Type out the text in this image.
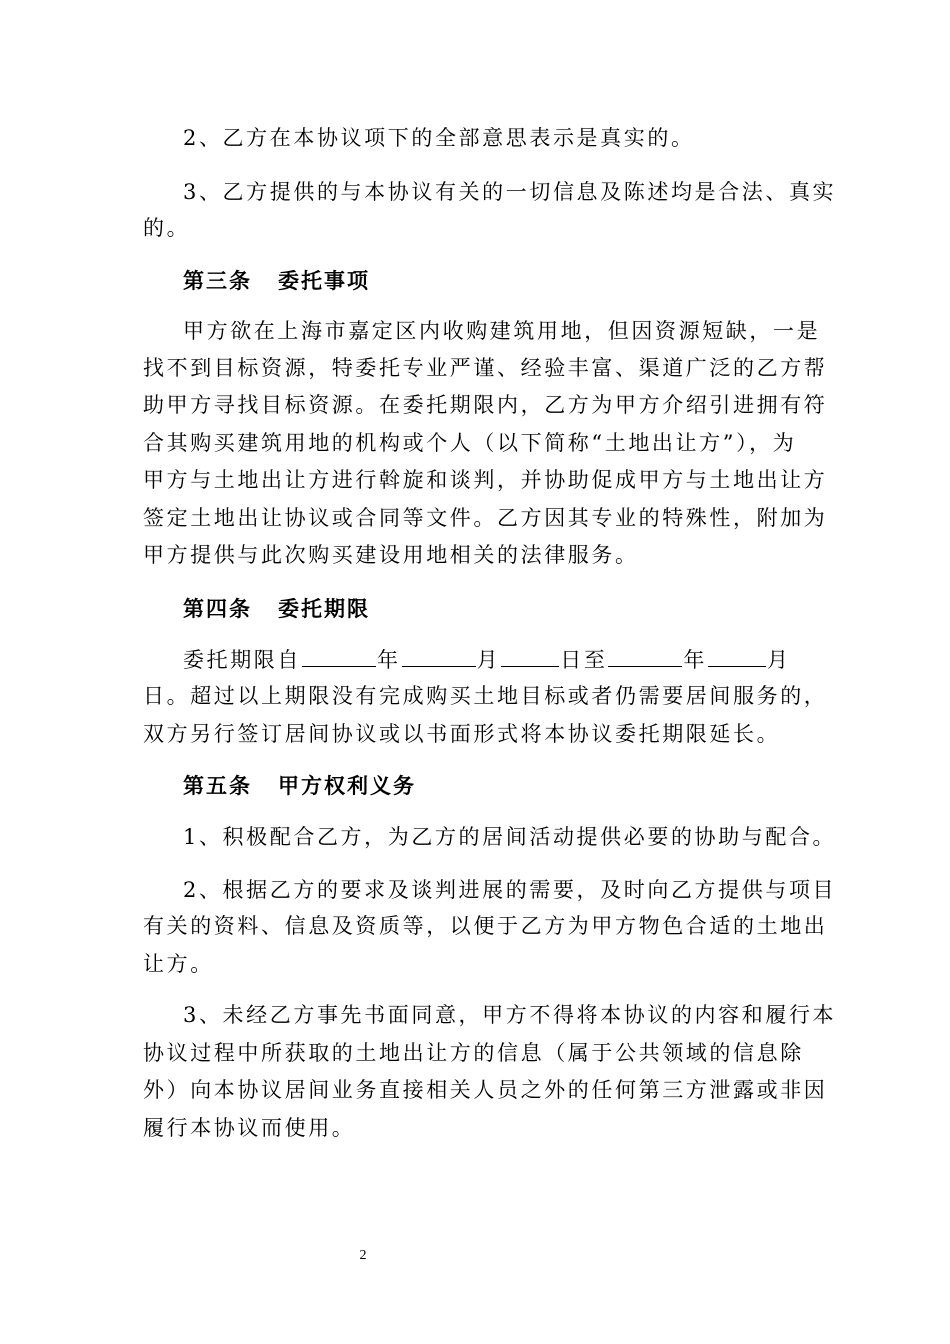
2、乙方在本协议项下的全部意思表示是真实的。
3、乙方提供的与本协议有关的一切信息及陈述均是合法、真实
的。
第三条 委托事项
甲方欲在上海市嘉定区内收购建筑用地，但因资源短缺，一是
找不到目标资源，特委托专业严谨、经验丰富、渠道广泛的乙方帮
助甲方寻找目标资源。在委托期限内，乙方为甲方介绍引进拥有符
合其购买建筑用地的机构或个人（以下简称“土地出让方”），为
甲方与土地出让方进行斡旋和谈判，并协助促成甲方与土地出让方
签定土地出让协议或合同等文件。乙方因其专业的特殊性，附加为
甲方提供与此次购买建设用地相关的法律服务。
第四条 委托期限
委托期限自	年	月	日至	年	月
日。超过以上期限没有完成购买土地目标或者仍需要居间服务的，
双方另行签订居间协议或以书面形式将本协议委托期限延长。
第五条 甲方权利义务
1、积极配合乙方，为乙方的居间活动提供必要的协助与配合。
2、根据乙方的要求及谈判进展的需要，及时向乙方提供与项目
有关的资料、信息及资质等，以便于乙方为甲方物色合适的土地出
让方。
3、未经乙方事先书面同意，甲方不得将本协议的内容和履行本
协议过程中所获取的土地出让方的信息（属于公共领域的信息除
外）向本协议居间业务直接相关人员之外的任何第三方泄露或非因
履行本协议而使用。
2
